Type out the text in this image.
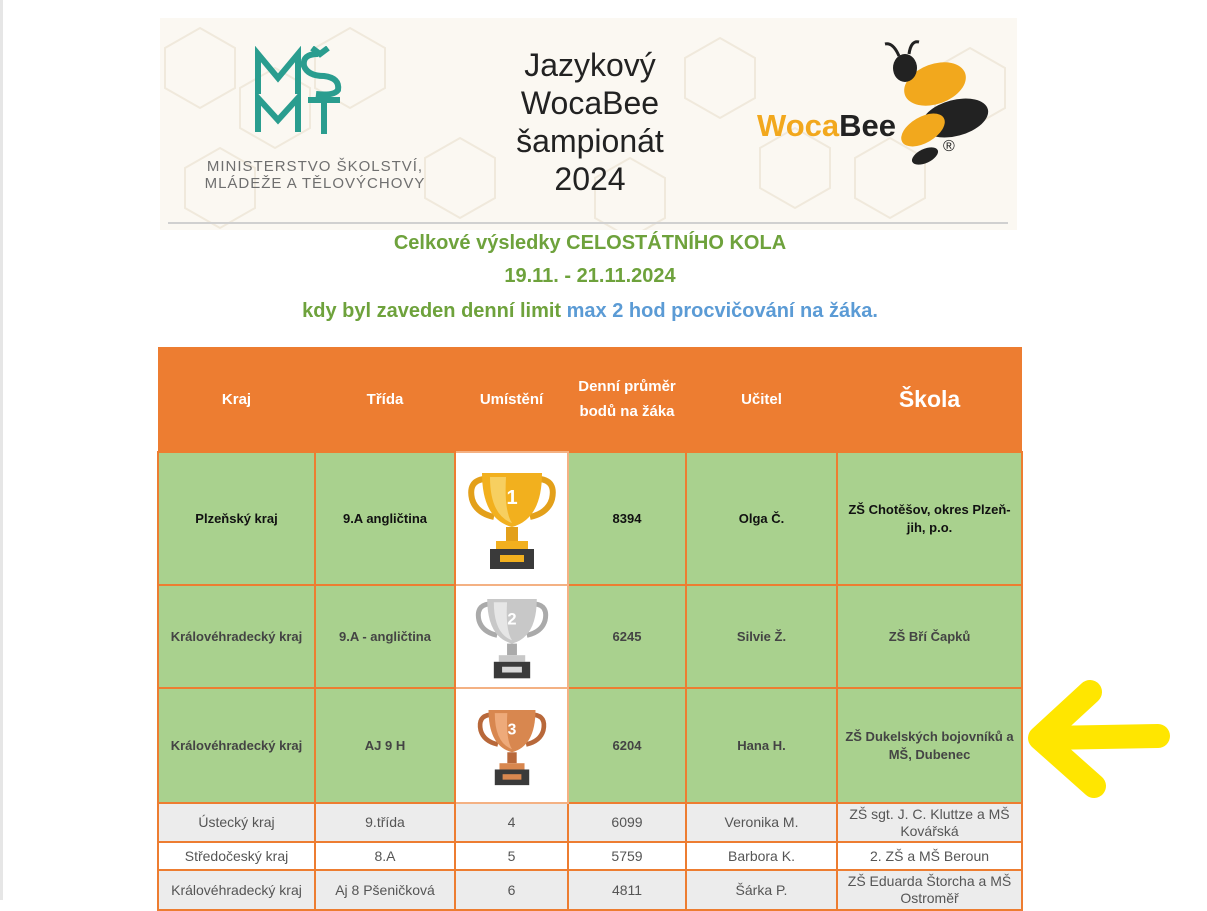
MINISTERSTVO ŠKOLSTVÍ,
MLÁDEŽE A TĚLOVÝCHOVY
Jazykový
WocaBee
šampionát
2024
WocaBee
®
Celkové výsledky CELOSTÁTNÍHO KOLA
19.11. - 21.11.2024
kdy byl zaveden denní limit max 2 hod procvičování na žáka.
Kraj	Třída	Umístění	Denní průměr bodů na žáka	Učitel	Škola
Plzeňský kraj	9.A angličtina	1	8394	Olga Č.	ZŠ Chotěšov, okres Plzeň-jih, p.o.
Královéhradecký kraj	9.A - angličtina	2	6245	Silvie Ž.	ZŠ Bří Čapků
Královéhradecký kraj	AJ 9 H	3	6204	Hana H.	ZŠ Dukelských bojovníků a MŠ, Dubenec
Ústecký kraj	9.třída	4	6099	Veronika M.	ZŠ sgt. J. C. Kluttze a MŠ Kovářská
Středočeský kraj	8.A	5	5759	Barbora K.	2. ZŠ a MŠ Beroun
Královéhradecký kraj	Aj 8 Pšeničková	6	4811	Šárka P.	ZŠ Eduarda Štorcha a MŠ Ostroměř
